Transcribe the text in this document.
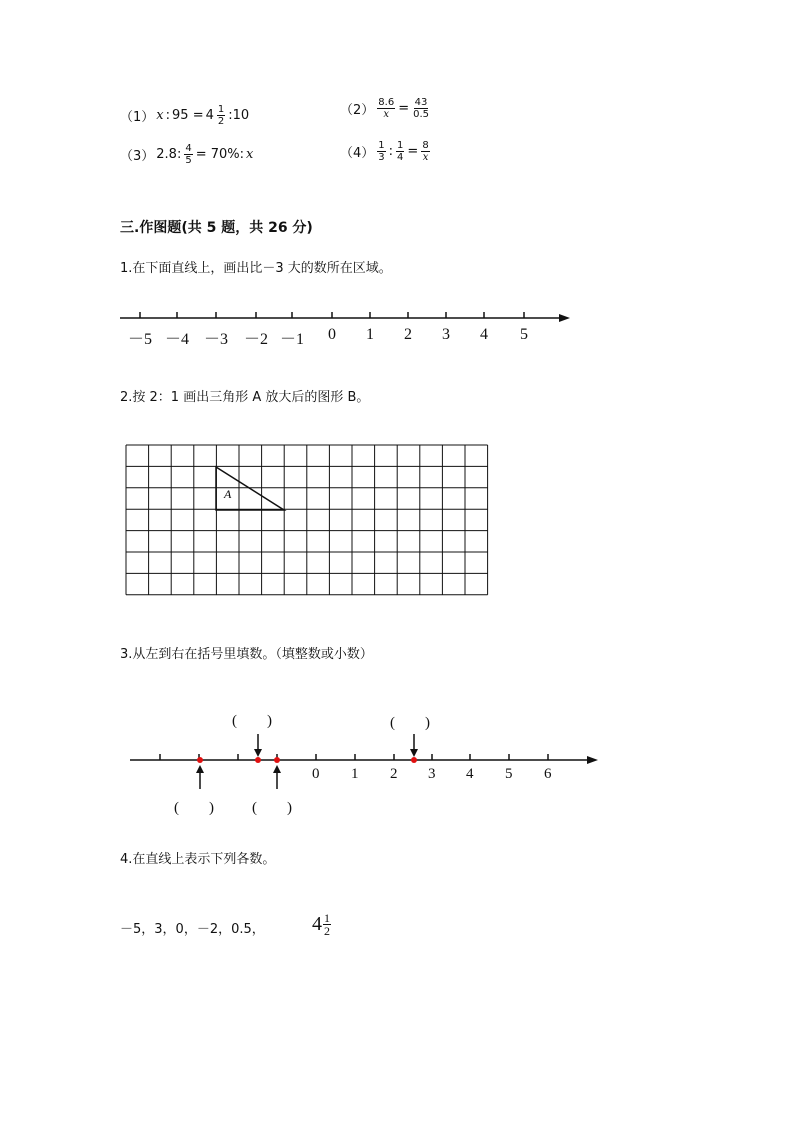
（1） x : $95 = 4 \frac{1}{2}$ :10	$(2) \frac{8.6}{x} = \frac{43}{0.5}$
（3） 2.8: $\frac{4}{5} = 70\%$: x	$(4) \frac{1}{3}$ : $\frac{1}{4} = \frac{8}{x}$
三.作图题(共 5 题，共 26 分)
1.在下面直线上，画出比－3 大的数所在区域。
－5 －4 －3 －2 －1 0 1 2 3 4 5
2.按 2：1 画出三角形 A 放大后的图形 B。
A
3.从左到右在括号里填数。（填整数或小数）
(　　)	(　　)
(　　)	(　　)
0 1 2 3 4 5 6
4.在直线上表示下列各数。
－5，3，0，－2，0.5， $4 \frac{1}{2}$
